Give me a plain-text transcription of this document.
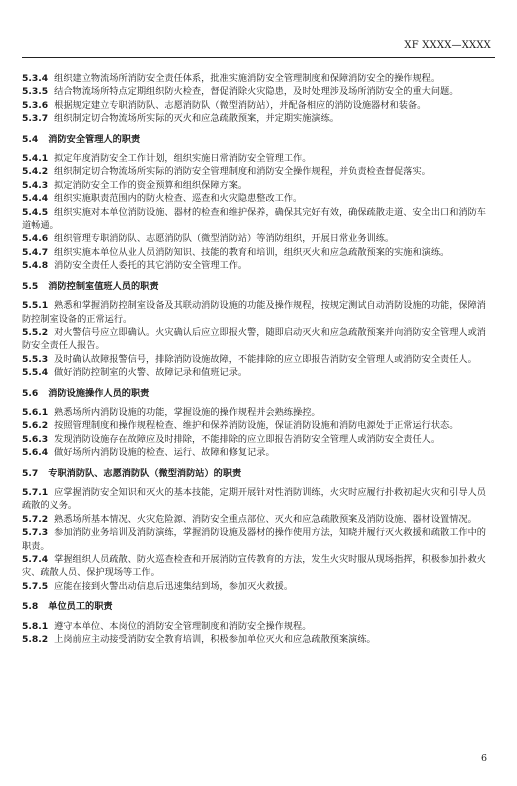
XF XXXX—XXXX

5.3.4 组织建立物流场所消防安全责任体系，批准实施消防安全管理制度和保障消防安全的操作规程。

5.3.5 结合物流场所特点定期组织防火检查，督促消除火灾隐患，及时处理涉及场所消防安全的重大问题。

5.3.6 根据规定建立专职消防队、志愿消防队（微型消防站），并配备相应的消防设施器材和装备。

5.3.7 组织制定切合物流场所实际的灭火和应急疏散预案，并定期实施演练。

5.4 消防安全管理人的职责

5.4.1 拟定年度消防安全工作计划，组织实施日常消防安全管理工作。

5.4.2 组织制定切合物流场所实际的消防安全管理制度和消防安全操作规程，并负责检查督促落实。

5.4.3 拟定消防安全工作的资金预算和组织保障方案。

5.4.4 组织实施职责范围内的防火检查、巡查和火灾隐患整改工作。

5.4.5 组织实施对本单位消防设施、器材的检查和维护保养，确保其完好有效，确保疏散走道、安全出口和消防车道畅通。

5.4.6 组织管理专职消防队、志愿消防队（微型消防站）等消防组织，开展日常业务训练。

5.4.7 组织实施本单位从业人员消防知识、技能的教育和培训，组织灭火和应急疏散预案的实施和演练。

5.4.8 消防安全责任人委托的其它消防安全管理工作。

5.5 消防控制室值班人员的职责

5.5.1 熟悉和掌握消防控制室设备及其联动消防设施的功能及操作规程，按规定测试自动消防设施的功能，保障消防控制室设备的正常运行。

5.5.2 对火警信号应立即确认。火灾确认后应立即报火警，随即启动灭火和应急疏散预案并向消防安全管理人或消防安全责任人报告。

5.5.3 及时确认故障报警信号，排除消防设施故障，不能排除的应立即报告消防安全管理人或消防安全责任人。

5.5.4 做好消防控制室的火警、故障记录和值班记录。

5.6 消防设施操作人员的职责

5.6.1 熟悉场所内消防设施的功能，掌握设施的操作规程并会熟练操控。

5.6.2 按照管理制度和操作规程检查、维护和保养消防设施，保证消防设施和消防电源处于正常运行状态。

5.6.3 发现消防设施存在故障应及时排除，不能排除的应立即报告消防安全管理人或消防安全责任人。

5.6.4 做好场所内消防设施的检查、运行、故障和修复记录。

5.7 专职消防队、志愿消防队（微型消防站）的职责

5.7.1 应掌握消防安全知识和灭火的基本技能，定期开展针对性消防训练，火灾时应履行扑救初起火灾和引导人员疏散的义务。

5.7.2 熟悉场所基本情况、火灾危险源、消防安全重点部位、灭火和应急疏散预案及消防设施、器材设置情况。

5.7.3 参加消防业务培训及消防演练，掌握消防设施及器材的操作使用方法，知晓并履行灭火救援和疏散工作中的职责。

5.7.4 掌握组织人员疏散、防火巡查检查和开展消防宣传教育的方法，发生火灾时服从现场指挥，积极参加扑救火灾、疏散人员、保护现场等工作。

5.7.5 应能在接到火警出动信息后迅速集结到场，参加灭火救援。

5.8 单位员工的职责

5.8.1 遵守本单位、本岗位的消防安全管理制度和消防安全操作规程。

5.8.2 上岗前应主动接受消防安全教育培训，积极参加单位灭火和应急疏散预案演练。

6
